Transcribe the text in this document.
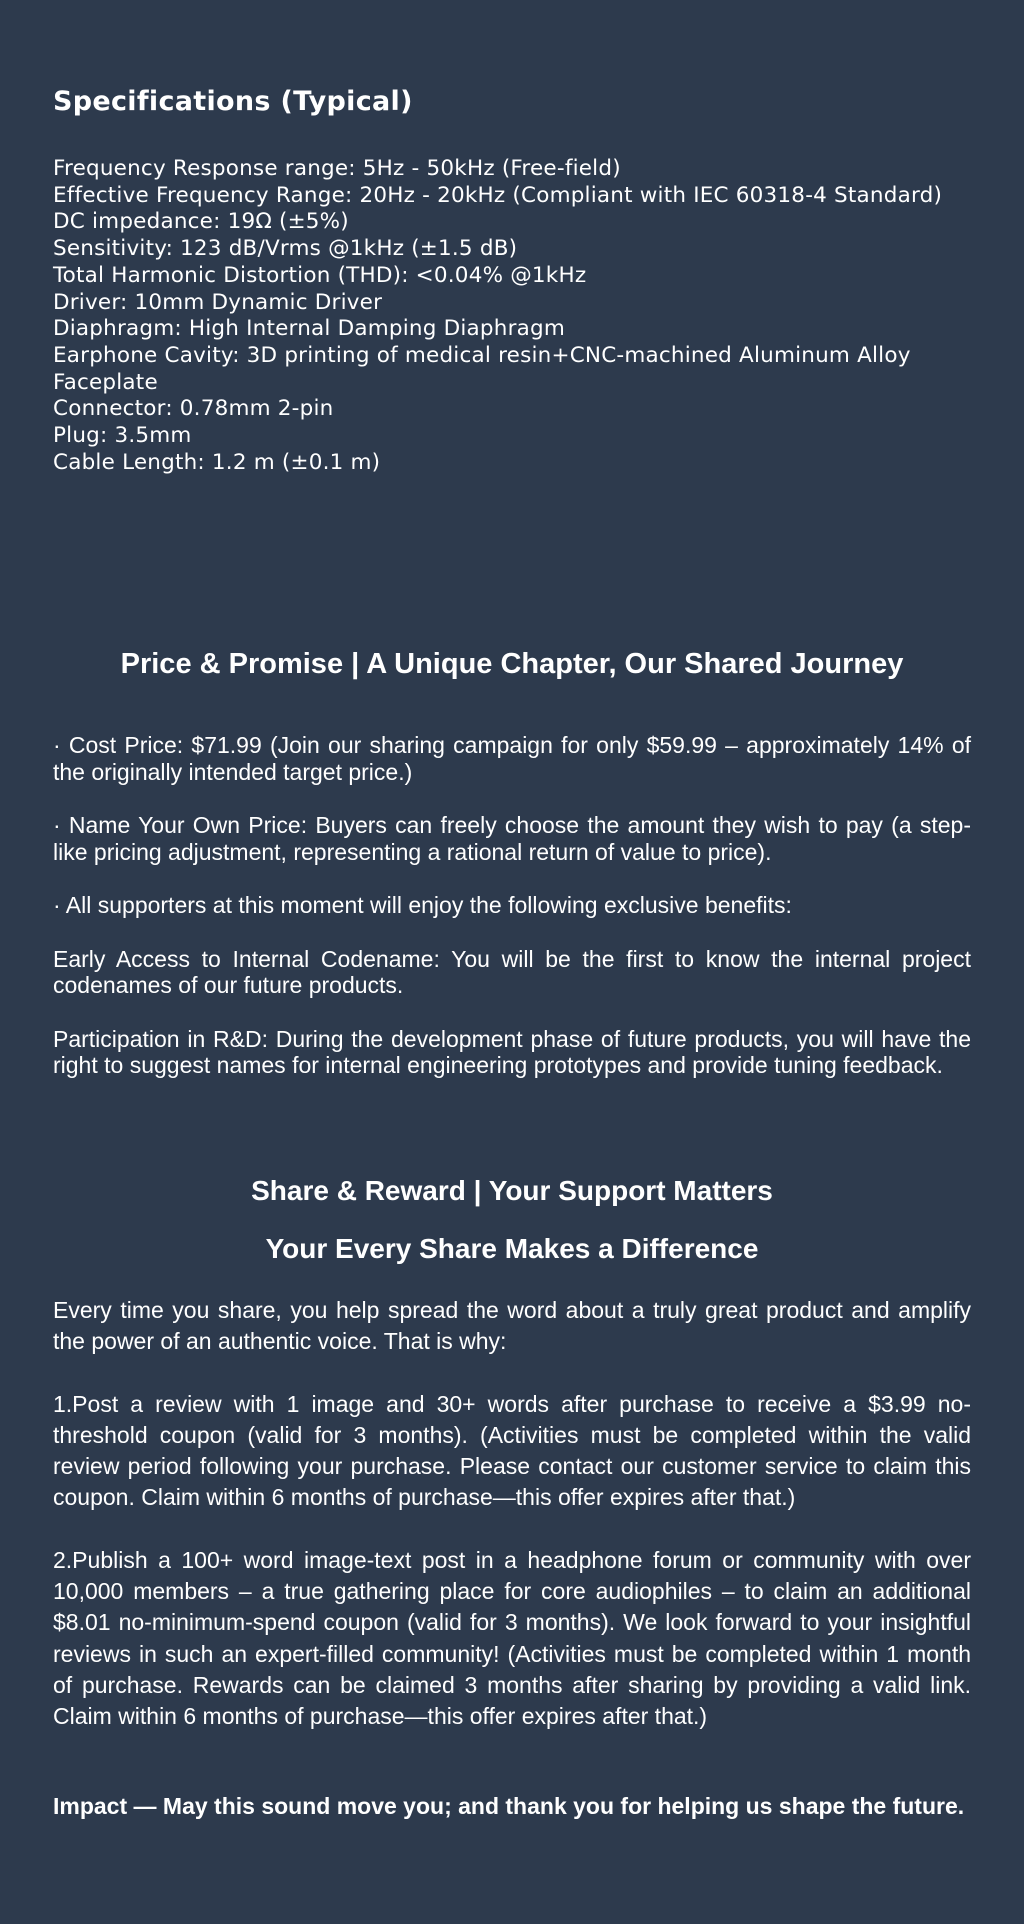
Specifications (Typical)
Frequency Response range: 5Hz - 50kHz (Free-field)
Effective Frequency Range: 20Hz - 20kHz (Compliant with IEC 60318-4 Standard)
DC impedance: 19Ω (±5%)
Sensitivity: 123 dB/Vrms @1kHz (±1.5 dB)
Total Harmonic Distortion (THD): <0.04% @1kHz
Driver: 10mm Dynamic Driver
Diaphragm: High Internal Damping Diaphragm
Earphone Cavity: 3D printing of medical resin+CNC-machined Aluminum Alloy Faceplate
Connector: 0.78mm 2-pin
Plug: 3.5mm
Cable Length: 1.2 m (±0.1 m)
Price & Promise | A Unique Chapter, Our Shared Journey

· Cost Price: $71.99 (Join our sharing campaign for only $59.99 – approximately 14% of the originally intended target price.)

· Name Your Own Price: Buyers can freely choose the amount they wish to pay (a step-like pricing adjustment, representing a rational return of value to price).

· All supporters at this moment will enjoy the following exclusive benefits:

Early Access to Internal Codename: You will be the first to know the internal project codenames of our future products.

Participation in R&D: During the development phase of future products, you will have the right to suggest names for internal engineering prototypes and provide tuning feedback.

Share & Reward | Your Support Matters
Your Every Share Makes a Difference

Every time you share, you help spread the word about a truly great product and amplify the power of an authentic voice. That is why:

1.Post a review with 1 image and 30+ words after purchase to receive a $3.99 no-threshold coupon (valid for 3 months). (Activities must be completed within the valid review period following your purchase. Please contact our customer service to claim this coupon. Claim within 6 months of purchase—this offer expires after that.)

2.Publish a 100+ word image-text post in a headphone forum or community with over 10,000 members – a true gathering place for core audiophiles – to claim an additional $8.01 no-minimum-spend coupon (valid for 3 months). We look forward to your insightful reviews in such an expert-filled community! (Activities must be completed within 1 month of purchase. Rewards can be claimed 3 months after sharing by providing a valid link. Claim within 6 months of purchase—this offer expires after that.)

Impact — May this sound move you; and thank you for helping us shape the future.
